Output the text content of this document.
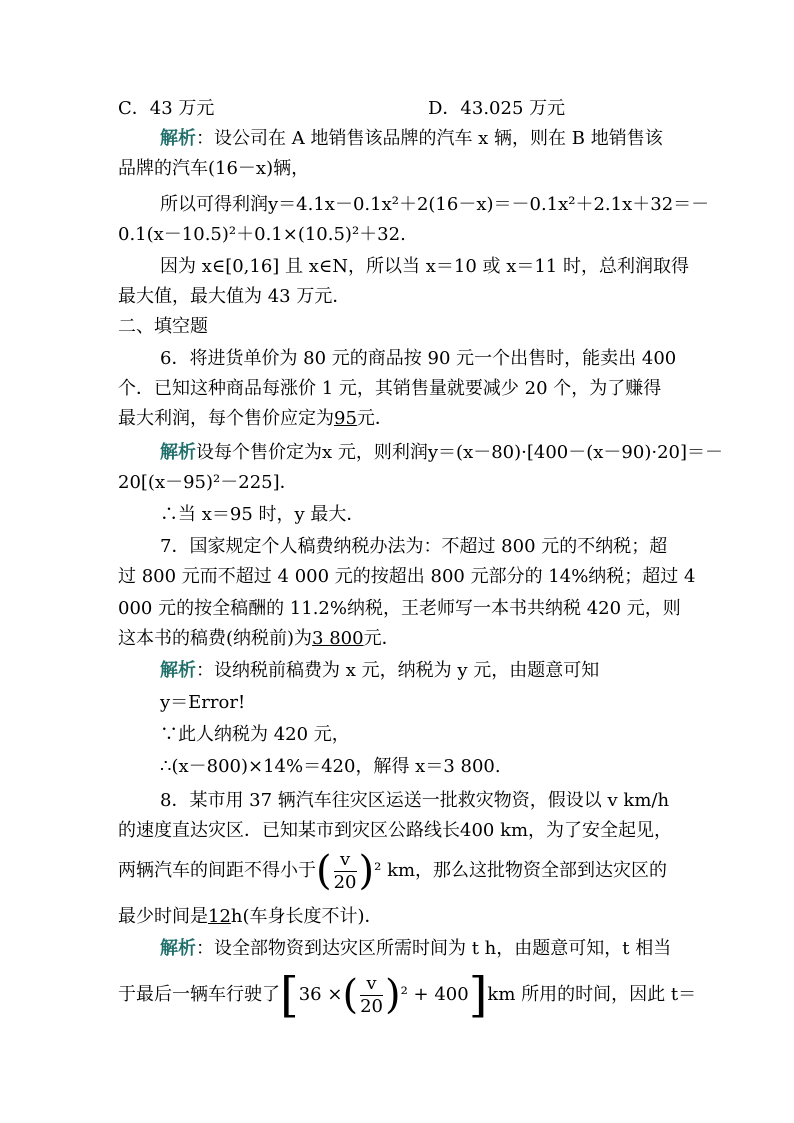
C．43 万元	D．43.025 万元
解析：设公司在 A 地销售该品牌的汽车 x 辆，则在 B 地销售该
品牌的汽车(16－x)辆，
所以可得利润y＝4.1x－0.1x²＋2(16－x)＝－0.1x²＋2.1x＋32＝－
0.1(x－10.5)²＋0.1×(10.5)²＋32.
因为 x∈[0,16] 且 x∈N，所以当 x＝10 或 x＝11 时，总利润取得
最大值，最大值为 43 万元．
二、填空题
6．将进货单价为 80 元的商品按 90 元一个出售时，能卖出 400
个．已知这种商品每涨价 1 元，其销售量就要减少 20 个，为了赚得
最大利润，每个售价应定为95元．
解析设每个售价定为x 元，则利润y＝(x－80)·[400－(x－90)·20]＝－
20[(x－95)²－225]．
∴当 x＝95 时，y 最大．
7．国家规定个人稿费纳税办法为：不超过 800 元的不纳税；超
过 800 元而不超过 4 000 元的按超出 800 元部分的 14%纳税；超过 4
000 元的按全稿酬的 11.2%纳税，王老师写一本书共纳税 420 元，则
这本书的稿费(纳税前)为3 800元．
解析：设纳税前稿费为 x 元，纳税为 y 元，由题意可知
y＝Error!
∵此人纳税为 420 元，
∴(x－800)×14%＝420，解得 x＝3 800.
8．某市用 37 辆汽车往灾区运送一批救灾物资，假设以 v km/h
的速度直达灾区．已知某市到灾区公路线长400 km，为了安全起见，
两辆汽车的间距不得小于( $\frac{v}{20} )^2$ km，那么这批物资全部到达灾区的
最少时间是12h(车身长度不计)．
解析：设全部物资到达灾区所需时间为 t h，由题意可知，t 相当
于最后一辆车行驶了[36 ×( $\frac{v}{20} )^2 + 400]km$ 所用的时间，因此 t＝
